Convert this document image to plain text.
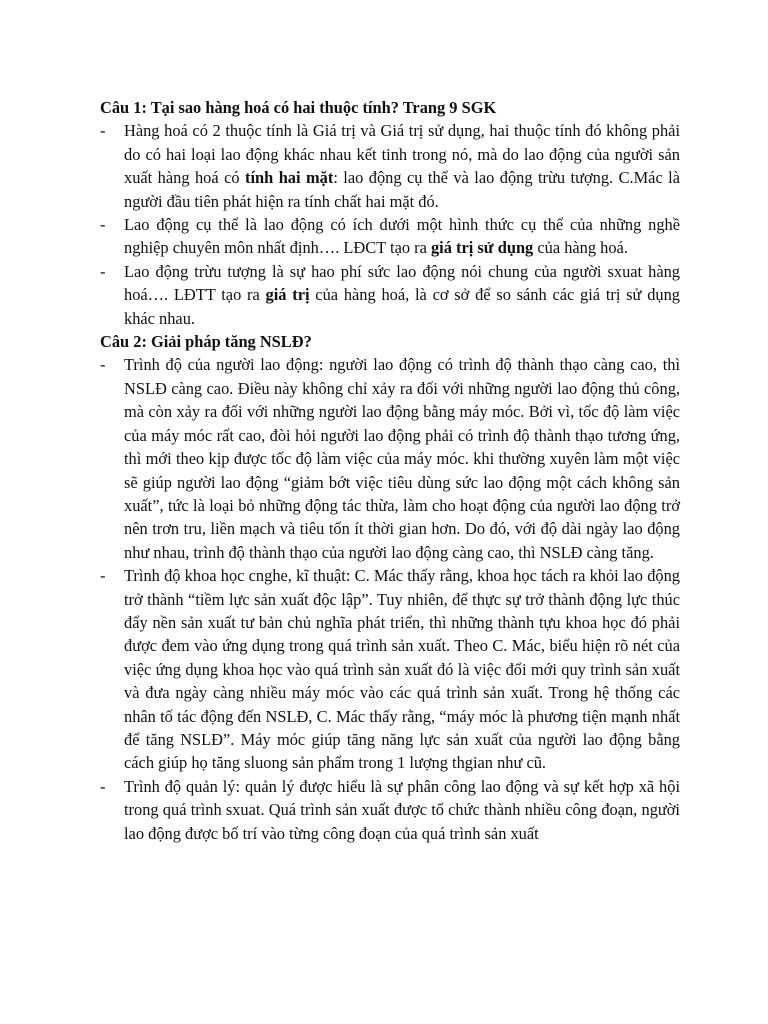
Câu 1: Tại sao hàng hoá có hai thuộc tính? Trang 9 SGK

- Hàng hoá có 2 thuộc tính là Giá trị và Giá trị sử dụng, hai thuộc tính đó không phải do có hai loại lao động khác nhau kết tinh trong nó, mà do lao động của người sản xuất hàng hoá có tính hai mặt: lao động cụ thể và lao động trừu tượng. C.Mác là người đầu tiên phát hiện ra tính chất hai mặt đó.
- Lao động cụ thể là lao động có ích dưới một hình thức cụ thể của những nghề nghiệp chuyên môn nhất định…. LĐCT tạo ra giá trị sử dụng của hàng hoá.
- Lao động trừu tượng là sự hao phí sức lao động nói chung của người sxuat hàng hoá…. LĐTT tạo ra giá trị của hàng hoá, là cơ sở để so sánh các giá trị sử dụng khác nhau.

Câu 2: Giải pháp tăng NSLĐ?

- Trình độ của người lao động: người lao động có trình độ thành thạo càng cao, thì NSLĐ càng cao. Điều này không chỉ xảy ra đối với những người lao động thủ công, mà còn xảy ra đối với những người lao động bằng máy móc. Bởi vì, tốc độ làm việc của máy móc rất cao, đòi hỏi người lao động phải có trình độ thành thạo tương ứng, thì mới theo kịp được tốc độ làm việc của máy móc. khi thường xuyên làm một việc sẽ giúp người lao động “giảm bớt việc tiêu dùng sức lao động một cách không sản xuất”, tức là loại bỏ những động tác thừa, làm cho hoạt động của người lao động trở nên trơn tru, liền mạch và tiêu tốn ít thời gian hơn. Do đó, với độ dài ngày lao động như nhau, trình độ thành thạo của người lao động càng cao, thì NSLĐ càng tăng.
- Trình độ khoa học cnghe, kĩ thuật: C. Mác thấy rằng, khoa học tách ra khỏi lao động trở thành “tiềm lực sản xuất độc lập”. Tuy nhiên, để thực sự trở thành động lực thúc đẩy nền sản xuất tư bản chủ nghĩa phát triển, thì những thành tựu khoa học đó phải được đem vào ứng dụng trong quá trình sản xuất. Theo C. Mác, biểu hiện rõ nét của việc ứng dụng khoa học vào quá trình sản xuất đó là việc đổi mới quy trình sản xuất và đưa ngày càng nhiều máy móc vào các quá trình sản xuất. Trong hệ thống các nhân tố tác động đến NSLĐ, C. Mác thấy rằng, “máy móc là phương tiện mạnh nhất để tăng NSLĐ”. Máy móc giúp tăng năng lực sản xuất của người lao động bằng cách giúp họ tăng sluong sản phẩm trong 1 lượng thgian như cũ.
- Trình độ quản lý: quản lý được hiểu là sự phân công lao động và sự kết hợp xã hội trong quá trình sxuat. Quá trình sản xuất được tổ chức thành nhiều công đoạn, người lao động được bố trí vào từng công đoạn của quá trình sản xuất
